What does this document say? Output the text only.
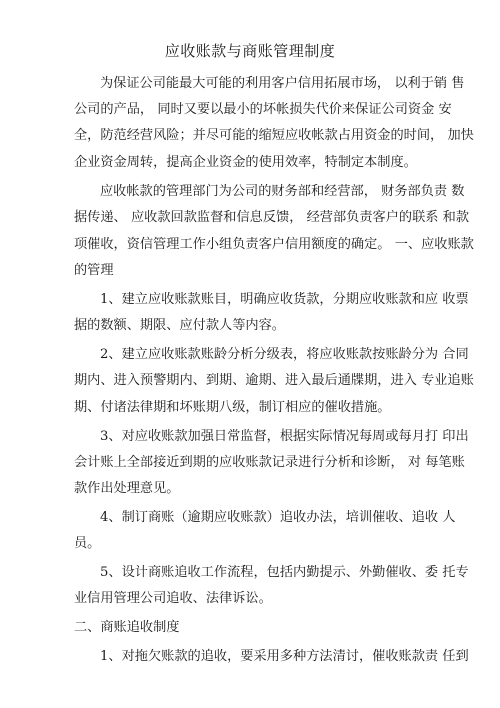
应收账款与商账管理制度
为保证公司能最大可能的利用客户信用拓展市场， 以利于销 售
公司的产品， 同时又要以最小的坏帐损失代价来保证公司资金 安
全，防范经营风险；并尽可能的缩短应收帐款占用资金的时间， 加快
企业资金周转，提高企业资金的使用效率，特制定本制度。
应收帐款的管理部门为公司的财务部和经营部， 财务部负责 数
据传递、 应收款回款监督和信息反馈， 经营部负责客户的联系 和款
项催收，资信管理工作小组负责客户信用额度的确定。 一、应收账款
的管理
1、建立应收账款账目，明确应收货款，分期应收账款和应 收票
据的数额、期限、应付款人等内容。
2、建立应收账款账龄分析分级表，将应收账款按账龄分为 合同
期内、进入预警期内、到期、逾期、进入最后通牒期，进入 专业追账
期、付诸法律期和坏账期八级，制订相应的催收措施。
3、对应收账款加强日常监督，根据实际情况每周或每月打 印出
会计账上全部接近到期的应收账款记录进行分析和诊断， 对 每笔账
款作出处理意见。
4、制订商账（逾期应收账款）追收办法，培训催收、追收 人
员。
5、设计商账追收工作流程，包括内勤提示、外勤催收、委 托专
业信用管理公司追收、法律诉讼。
二、商账追收制度
1、对拖欠账款的追收，要采用多种方法清讨，催收账款责 任到
